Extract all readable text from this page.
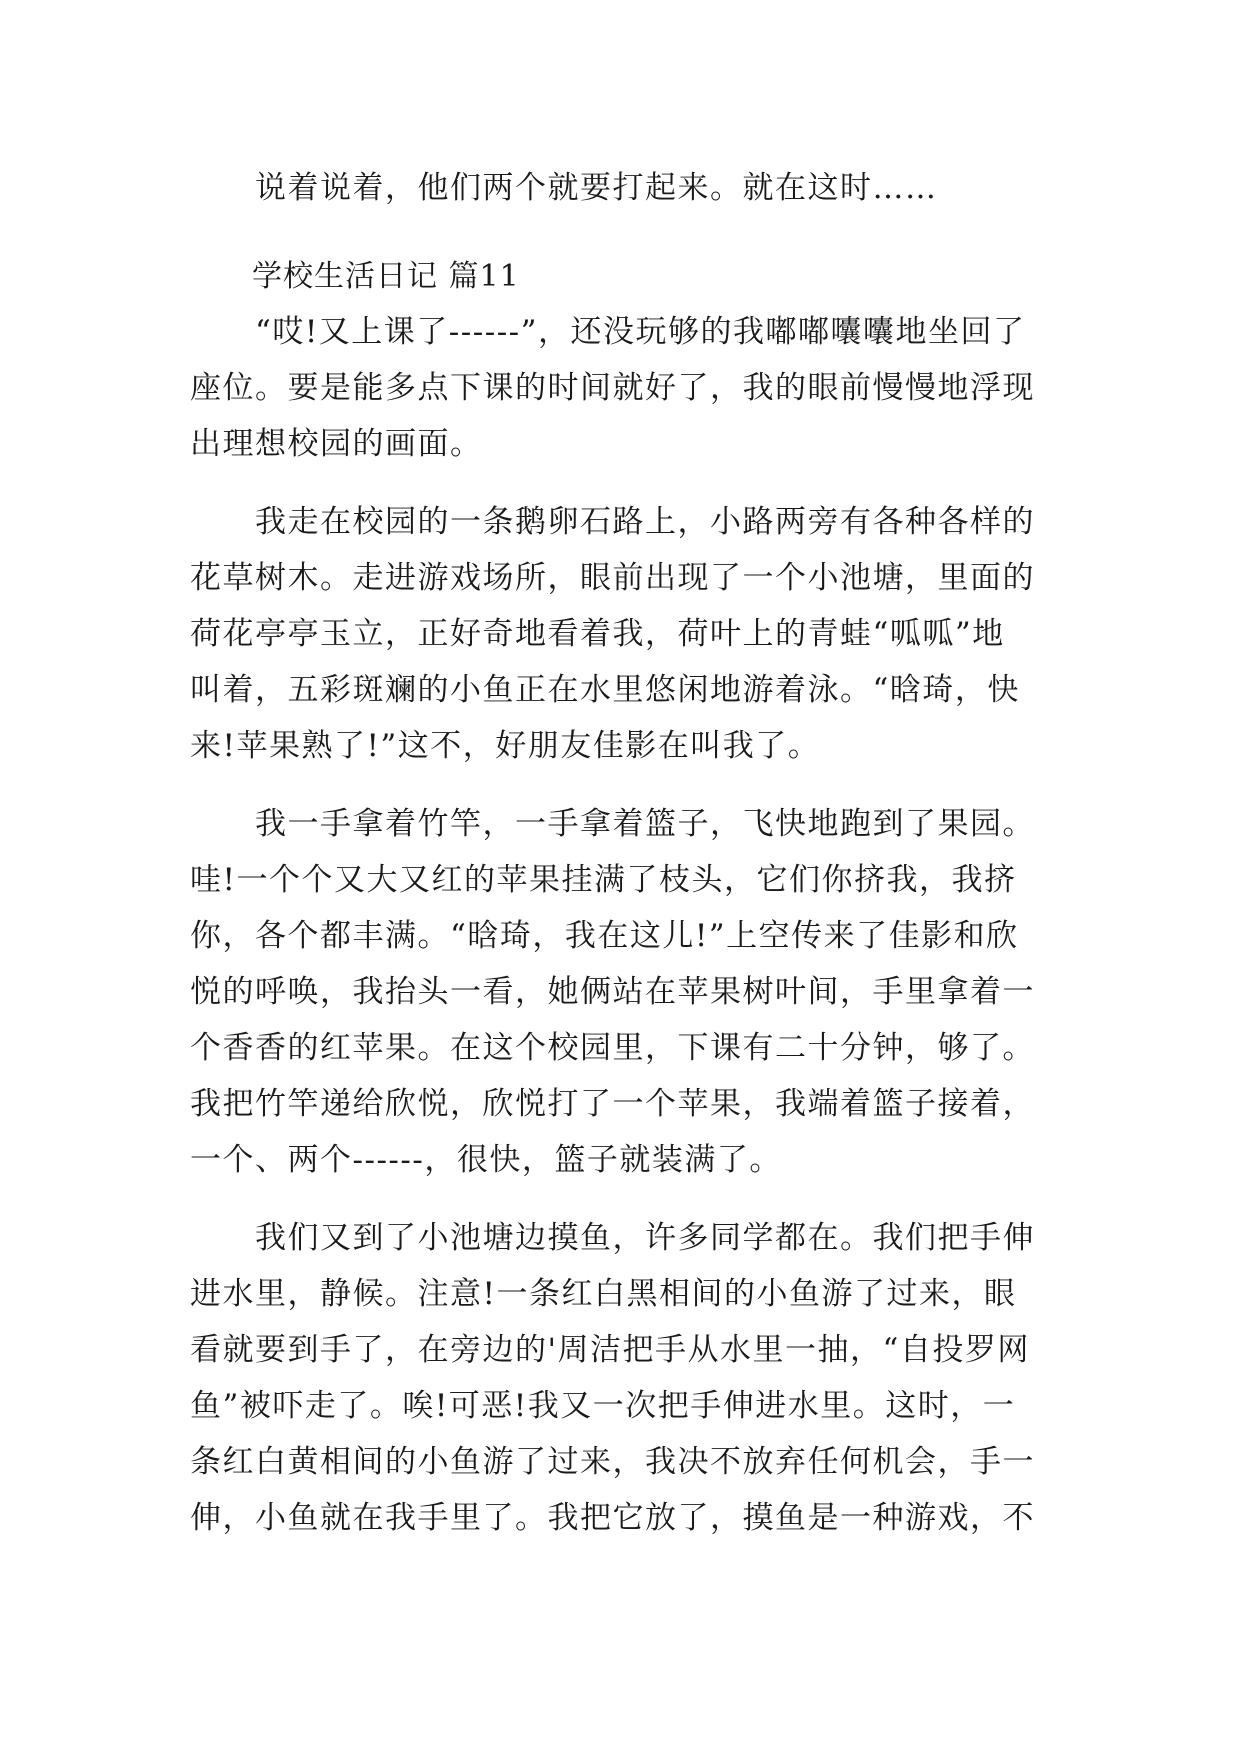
　　说着说着，他们两个就要打起来。就在这时……
　　学校生活日记 篇11
　　“哎!又上课了------”，还没玩够的我嘟嘟囔囔地坐回了
座位。要是能多点下课的时间就好了，我的眼前慢慢地浮现
出理想校园的画面。
　　我走在校园的一条鹅卵石路上，小路两旁有各种各样的
花草树木。走进游戏场所，眼前出现了一个小池塘，里面的
荷花亭亭玉立，正好奇地看着我，荷叶上的青蛙“呱呱”地
叫着，五彩斑斓的小鱼正在水里悠闲地游着泳。“晗琦，快
来!苹果熟了!”这不，好朋友佳影在叫我了。
　　我一手拿着竹竿，一手拿着篮子，飞快地跑到了果园。
哇!一个个又大又红的苹果挂满了枝头，它们你挤我，我挤
你，各个都丰满。“晗琦，我在这儿!”上空传来了佳影和欣
悦的呼唤，我抬头一看，她俩站在苹果树叶间，手里拿着一
个香香的红苹果。在这个校园里，下课有二十分钟，够了。
我把竹竿递给欣悦，欣悦打了一个苹果，我端着篮子接着，
一个、两个------，很快，篮子就装满了。
　　我们又到了小池塘边摸鱼，许多同学都在。我们把手伸
进水里，静候。注意!一条红白黑相间的小鱼游了过来，眼
看就要到手了，在旁边的'周洁把手从水里一抽，“自投罗网
鱼”被吓走了。唉!可恶!我又一次把手伸进水里。这时，一
条红白黄相间的小鱼游了过来，我决不放弃任何机会，手一
伸，小鱼就在我手里了。我把它放了，摸鱼是一种游戏，不
